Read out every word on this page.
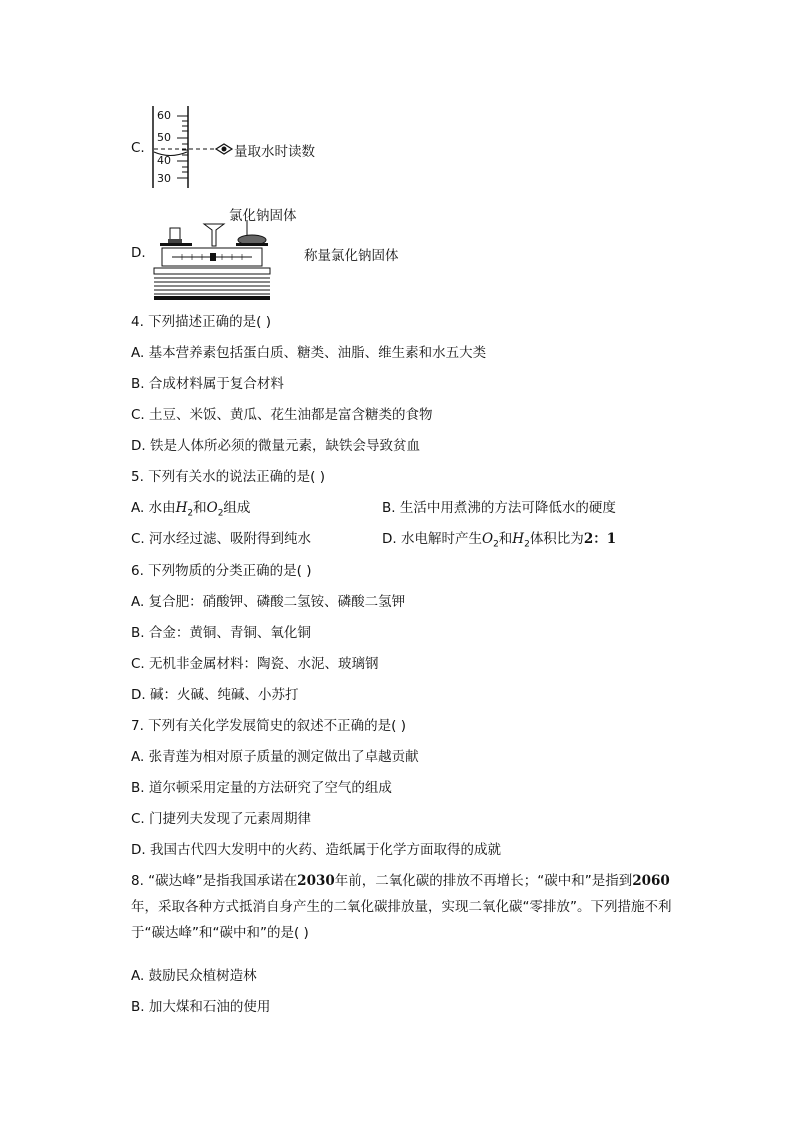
C.
60
50
40
30
量取水时读数
氯化钠固体
D.	称量氯化钠固体
4. 下列描述正确的是( )
A. 基本营养素包括蛋白质、糖类、油脂、维生素和水五大类
B. 合成材料属于复合材料
C. 土豆、米饭、黄瓜、花生油都是富含糖类的食物
D. 铁是人体所必须的微量元素，缺铁会导致贫血
5. 下列有关水的说法正确的是( )
A. 水由$H_2$和$O_2$组成	B. 生活中用煮沸的方法可降低水的硬度
C. 河水经过滤、吸附得到纯水	D. 水电解时产生$O_2$和$H_2$体积比为2：1
6. 下列物质的分类正确的是( )
A. 复合肥：硝酸钾、磷酸二氢铵、磷酸二氢钾
B. 合金：黄铜、青铜、氧化铜
C. 无机非金属材料：陶瓷、水泥、玻璃钢
D. 碱：火碱、纯碱、小苏打
7. 下列有关化学发展简史的叙述不正确的是( )
A. 张青莲为相对原子质量的测定做出了卓越贡献
B. 道尔顿采用定量的方法研究了空气的组成
C. 门捷列夫发现了元素周期律
D. 我国古代四大发明中的火药、造纸属于化学方面取得的成就
8. “碳达峰”是指我国承诺在2030年前，二氧化碳的排放不再增长；“碳中和”是指到2060年，采取各种方式抵消自身产生的二氧化碳排放量，实现二氧化碳“零排放”。下列措施不利于“碳达峰”和“碳中和”的是( )
A. 鼓励民众植树造林
B. 加大煤和石油的使用
